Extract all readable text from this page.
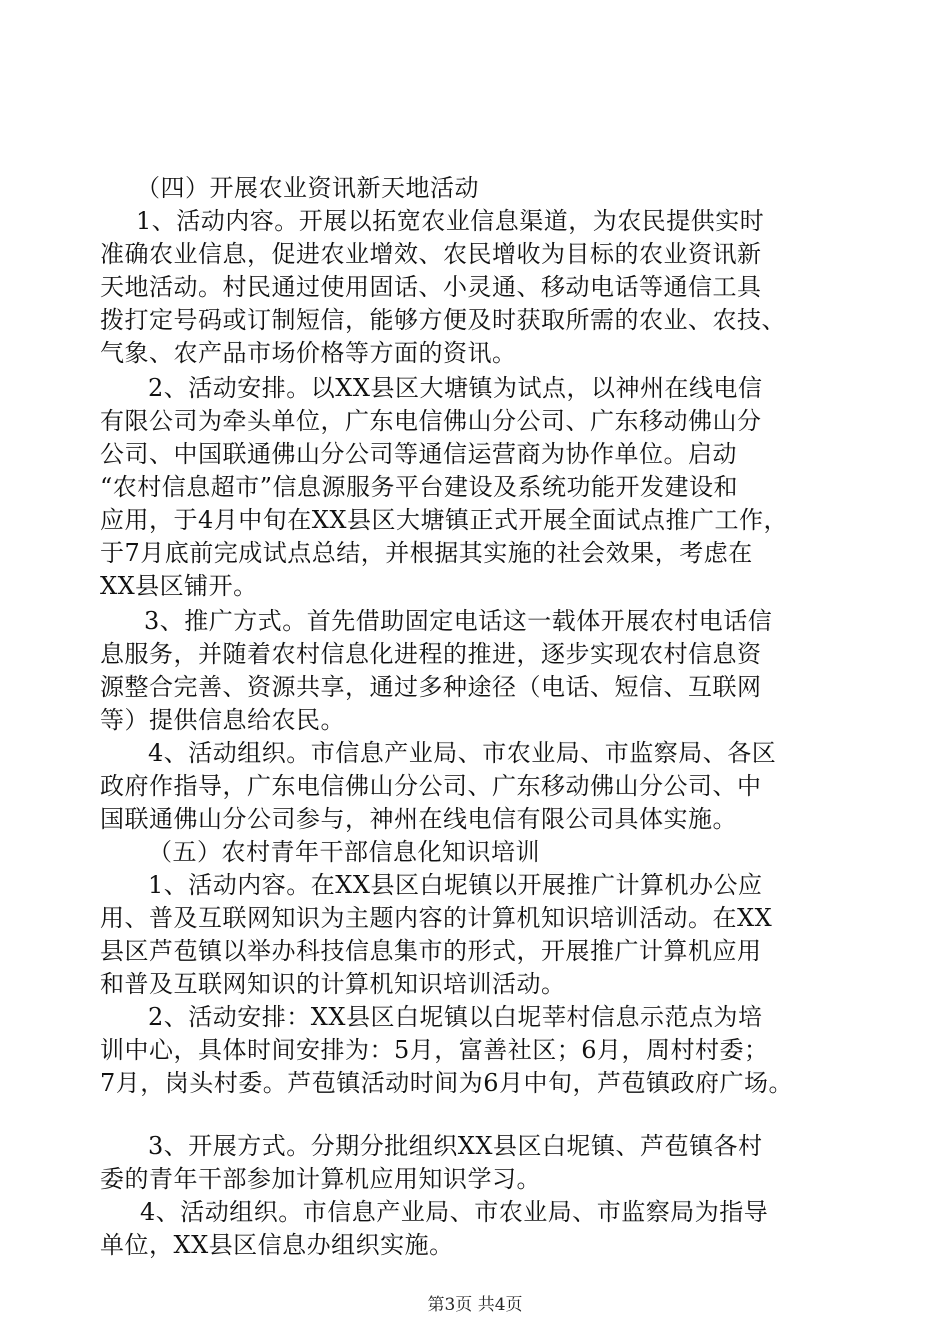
（四）开展农业资讯新天地活动
1、活动内容。开展以拓宽农业信息渠道，为农民提供实时
准确农业信息，促进农业增效、农民增收为目标的农业资讯新
天地活动。村民通过使用固话、小灵通、移动电话等通信工具
拨打定号码或订制短信，能够方便及时获取所需的农业、农技、
气象、农产品市场价格等方面的资讯。
2、活动安排。以XX县区大塘镇为试点，以神州在线电信
有限公司为牵头单位，广东电信佛山分公司、广东移动佛山分
公司、中国联通佛山分公司等通信运营商为协作单位。启动
“农村信息超市”信息源服务平台建设及系统功能开发建设和
应用，于4月中旬在XX县区大塘镇正式开展全面试点推广工作，
于7月底前完成试点总结，并根据其实施的社会效果，考虑在
XX县区铺开。
3、推广方式。首先借助固定电话这一载体开展农村电话信
息服务，并随着农村信息化进程的推进，逐步实现农村信息资
源整合完善、资源共享，通过多种途径（电话、短信、互联网
等）提供信息给农民。
4、活动组织。市信息产业局、市农业局、市监察局、各区
政府作指导，广东电信佛山分公司、广东移动佛山分公司、中
国联通佛山分公司参与，神州在线电信有限公司具体实施。
（五）农村青年干部信息化知识培训
1、活动内容。在XX县区白坭镇以开展推广计算机办公应
用、普及互联网知识为主题内容的计算机知识培训活动。在XX
县区芦苞镇以举办科技信息集市的形式，开展推广计算机应用
和普及互联网知识的计算机知识培训活动。
2、活动安排：XX县区白坭镇以白坭莘村信息示范点为培
训中心，具体时间安排为：5月，富善社区；6月，周村村委；
7月，岗头村委。芦苞镇活动时间为6月中旬，芦苞镇政府广场。
3、开展方式。分期分批组织XX县区白坭镇、芦苞镇各村
委的青年干部参加计算机应用知识学习。
4、活动组织。市信息产业局、市农业局、市监察局为指导
单位，XX县区信息办组织实施。
第3页 共4页
